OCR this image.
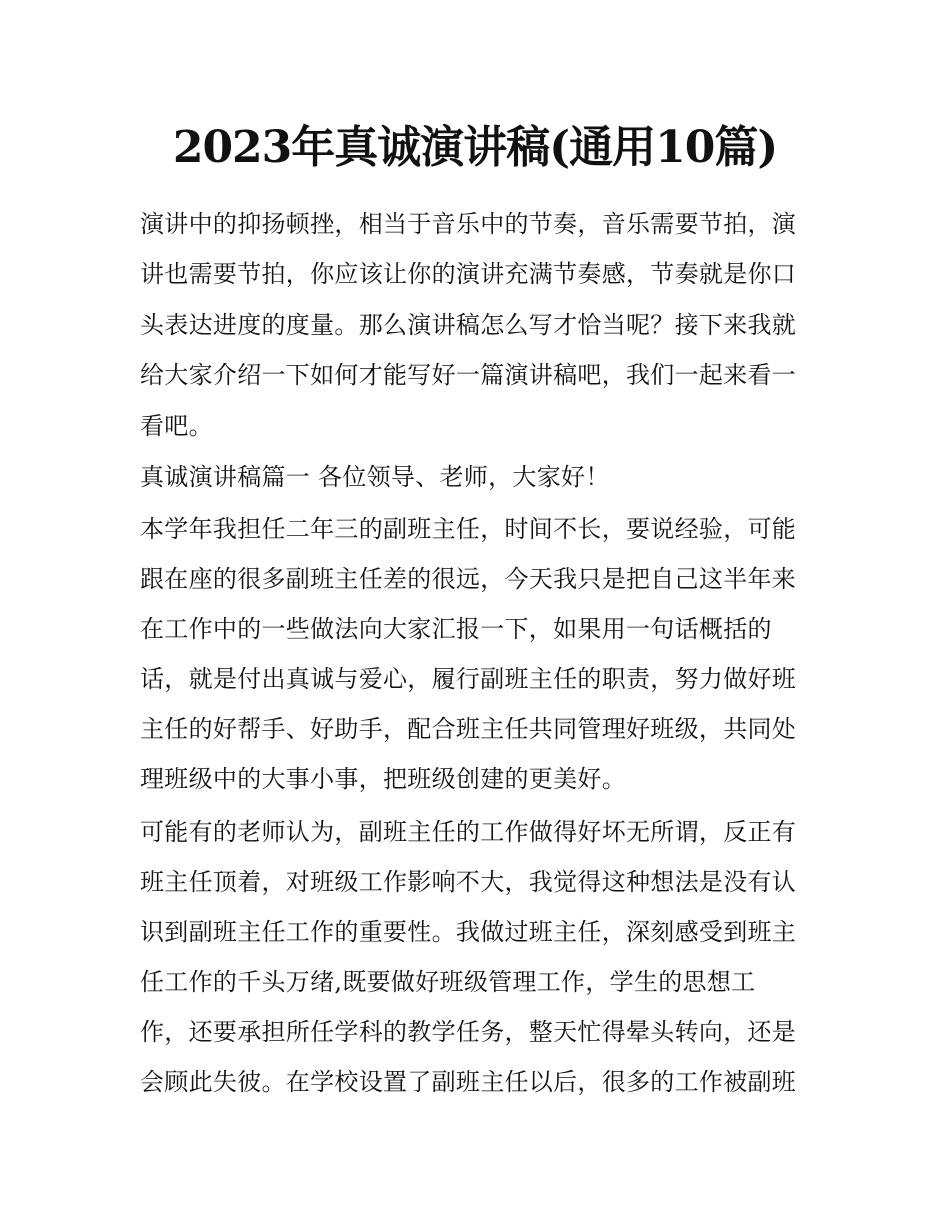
2023年真诚演讲稿(通用10篇)
演讲中的抑扬顿挫，相当于音乐中的节奏，音乐需要节拍，演
讲也需要节拍，你应该让你的演讲充满节奏感，节奏就是你口
头表达进度的度量。那么演讲稿怎么写才恰当呢？接下来我就
给大家介绍一下如何才能写好一篇演讲稿吧，我们一起来看一
看吧。
真诚演讲稿篇一 各位领导、老师，大家好！
本学年我担任二年三的副班主任，时间不长，要说经验，可能
跟在座的很多副班主任差的很远，今天我只是把自己这半年来
在工作中的一些做法向大家汇报一下，如果用一句话概括的
话，就是付出真诚与爱心，履行副班主任的职责，努力做好班
主任的好帮手、好助手，配合班主任共同管理好班级，共同处
理班级中的大事小事，把班级创建的更美好。
可能有的老师认为，副班主任的工作做得好坏无所谓，反正有
班主任顶着，对班级工作影响不大，我觉得这种想法是没有认
识到副班主任工作的重要性。我做过班主任，深刻感受到班主
任工作的千头万绪,既要做好班级管理工作，学生的思想工
作，还要承担所任学科的教学任务，整天忙得晕头转向，还是
会顾此失彼。在学校设置了副班主任以后，很多的工作被副班
